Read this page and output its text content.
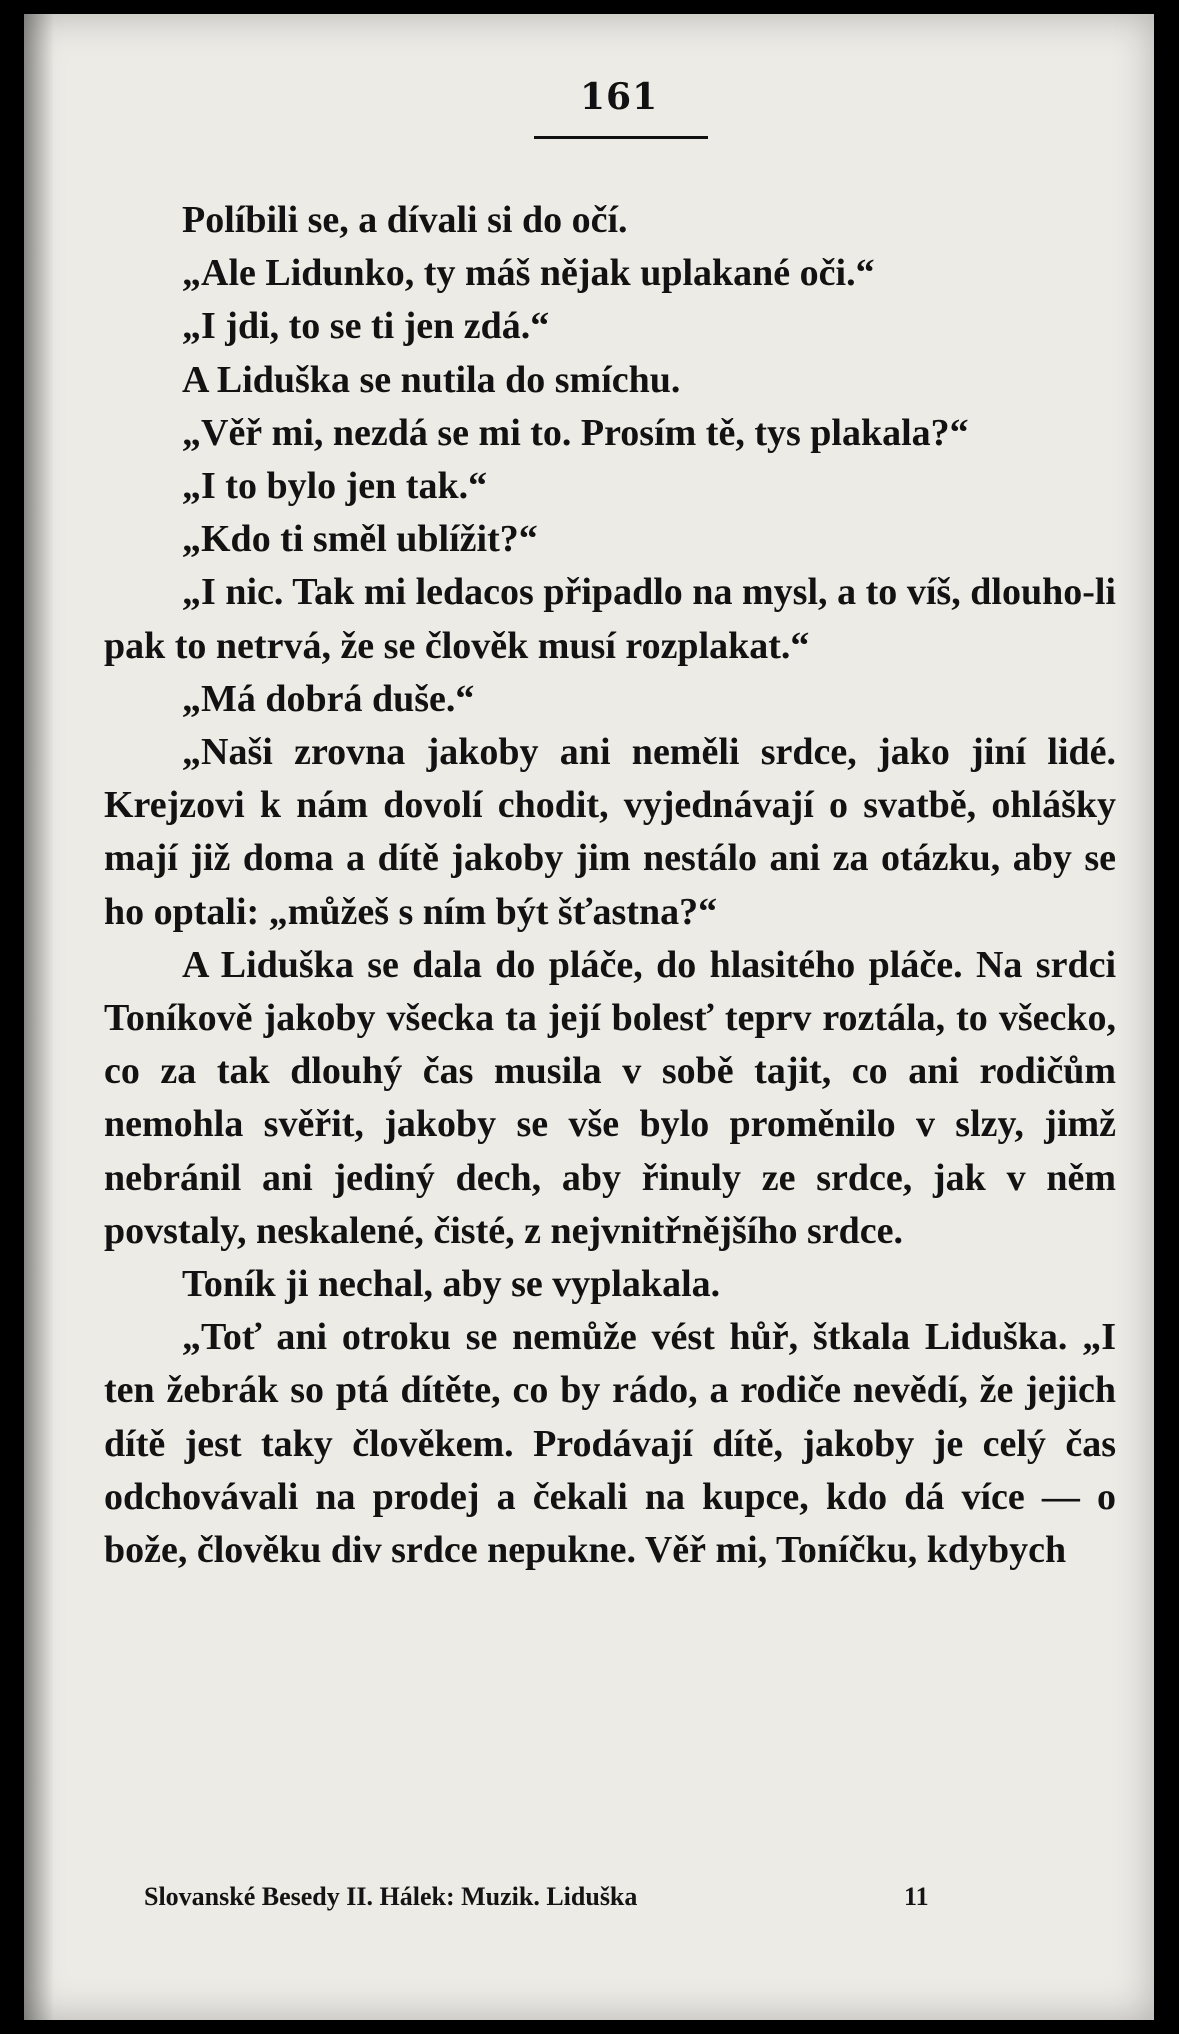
161

Políbili se, a dívali si do očí.

„Ale Lidunko, ty máš nějak uplakané oči.“

„I jdi, to se ti jen zdá.“

A Liduška se nutila do smíchu.

„Věř mi, nezdá se mi to. Prosím tě, tys plakala?“

„I to bylo jen tak.“

„Kdo ti směl ublížit?“

„I nic. Tak mi ledacos připadlo na mysl, a to víš, dlouho-li pak to netrvá, že se člověk musí rozplakat.“

„Má dobrá duše.“

„Naši zrovna jakoby ani neměli srdce, jako jiní lidé. Krejzovi k nám dovolí chodit, vyjednávají o svatbě, ohlášky mají již doma a dítě jakoby jim nestálo ani za otázku, aby se ho optali: „můžeš s ním být šťastna?“

A Liduška se dala do pláče, do hlasitého pláče. Na srdci Toníkově jakoby všecka ta její bolesť teprv roztála, to všecko, co za tak dlouhý čas musila v sobě tajit, co ani rodičům nemohla svěřit, jakoby se vše bylo proměnilo v slzy, jimž nebránil ani jediný dech, aby řinuly ze srdce, jak v něm povstaly, neskalené, čisté, z nejvnitřnějšího srdce.

Toník ji nechal, aby se vyplakala.

„Toť ani otroku se nemůže vést hůř, štkala Liduška. „I ten žebrák so ptá dítěte, co by rádo, a rodiče nevědí, že jejich dítě jest taky člověkem. Prodávají dítě, jakoby je celý čas odchovávali na prodej a čekali na kupce, kdo dá více — o bože, člověku div srdce nepukne. Věř mi, Toníčku, kdybych

Slovanské Besedy II. Hálek: Muzik. Liduška	11
